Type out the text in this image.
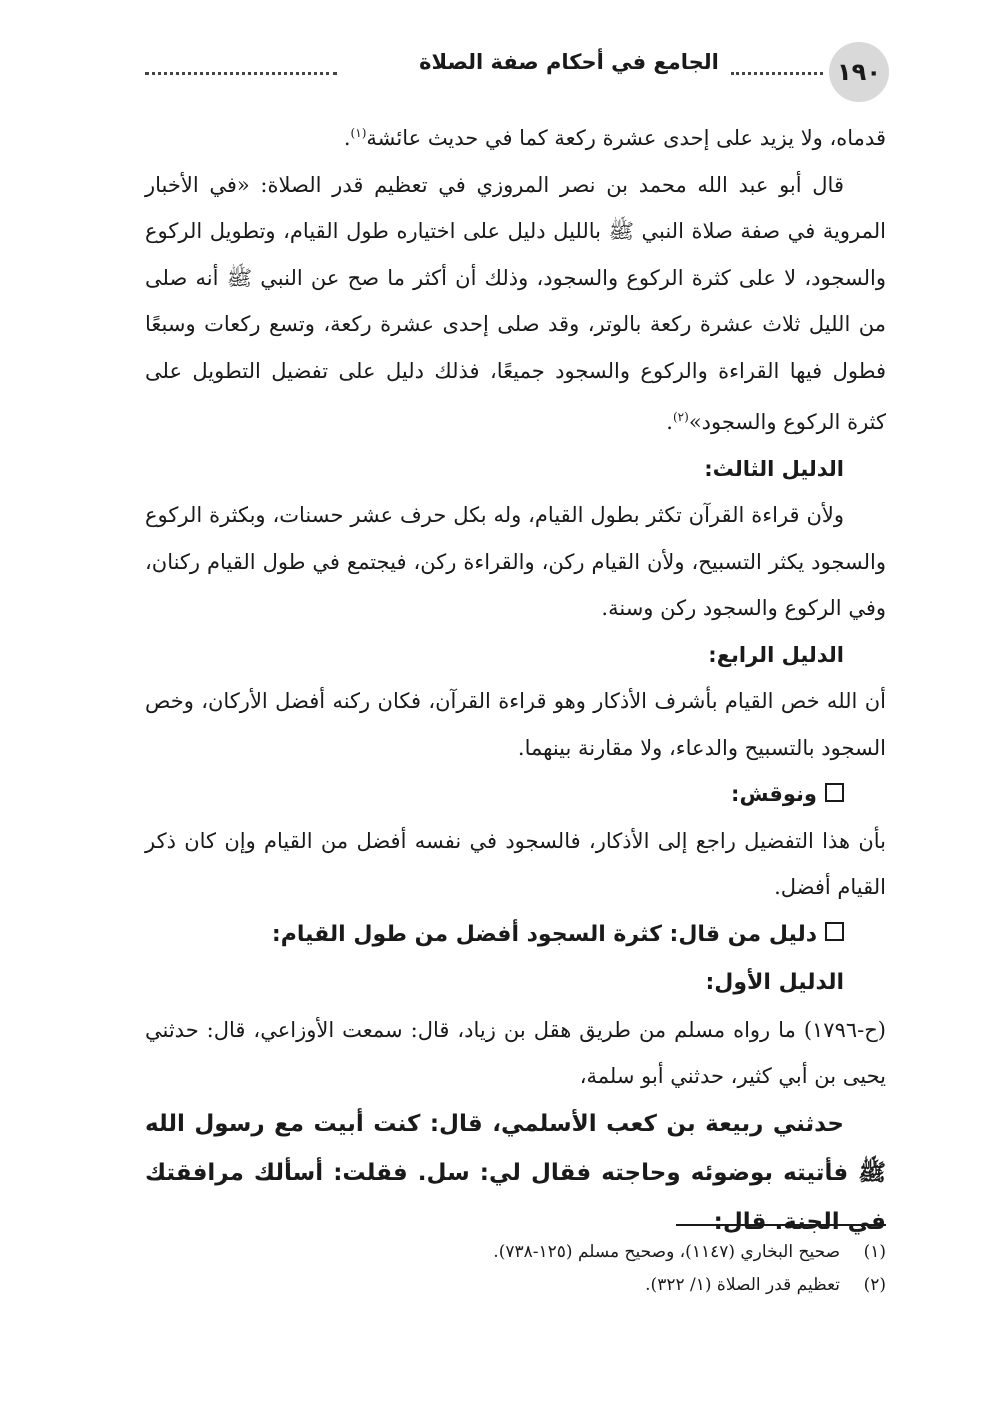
١٩٠
الجامع في أحكام صفة الصلاة

قدماه، ولا يزيد على إحدى عشرة ركعة كما في حديث عائشة$^{(١)}$.

قال أبو عبد الله محمد بن نصر المروزي في تعظيم قدر الصلاة: «في الأخبار المروية في صفة صلاة النبي ﷺ بالليل دليل على اختياره طول القيام، وتطويل الركوع والسجود، لا على كثرة الركوع والسجود، وذلك أن أكثر ما صح عن النبي ﷺ أنه صلى من الليل ثلاث عشرة ركعة بالوتر، وقد صلى إحدى عشرة ركعة، وتسع ركعات وسبعًا فطول فيها القراءة والركوع والسجود جميعًا، فذلك دليل على تفضيل التطويل على كثرة الركوع والسجود»$^{(٢)}$.

الدليل الثالث:

ولأن قراءة القرآن تكثر بطول القيام، وله بكل حرف عشر حسنات، وبكثرة الركوع والسجود يكثر التسبيح، ولأن القيام ركن، والقراءة ركن، فيجتمع في طول القيام ركنان، وفي الركوع والسجود ركن وسنة.

الدليل الرابع:

أن الله خص القيام بأشرف الأذكار وهو قراءة القرآن، فكان ركنه أفضل الأركان، وخص السجود بالتسبيح والدعاء، ولا مقارنة بينهما.

ونوقش:

بأن هذا التفضيل راجع إلى الأذكار، فالسجود في نفسه أفضل من القيام وإن كان ذكر القيام أفضل.

دليل من قال: كثرة السجود أفضل من طول القيام:

الدليل الأول:

(ح-١٧٩٦) ما رواه مسلم من طريق هقل بن زياد، قال: سمعت الأوزاعي، قال: حدثني يحيى بن أبي كثير، حدثني أبو سلمة،

حدثني ربيعة بن كعب الأسلمي، قال: كنت أبيت مع رسول الله ﷺ فأتيته بوضوئه وحاجته فقال لي: سل. فقلت: أسألك مرافقتك في الجنة. قال:

(١)
صحيح البخاري (١١٤٧)، وصحيح مسلم (١٢٥-٧٣٨).
(٢)
تعظيم قدر الصلاة (١/ ٣٢٢).
